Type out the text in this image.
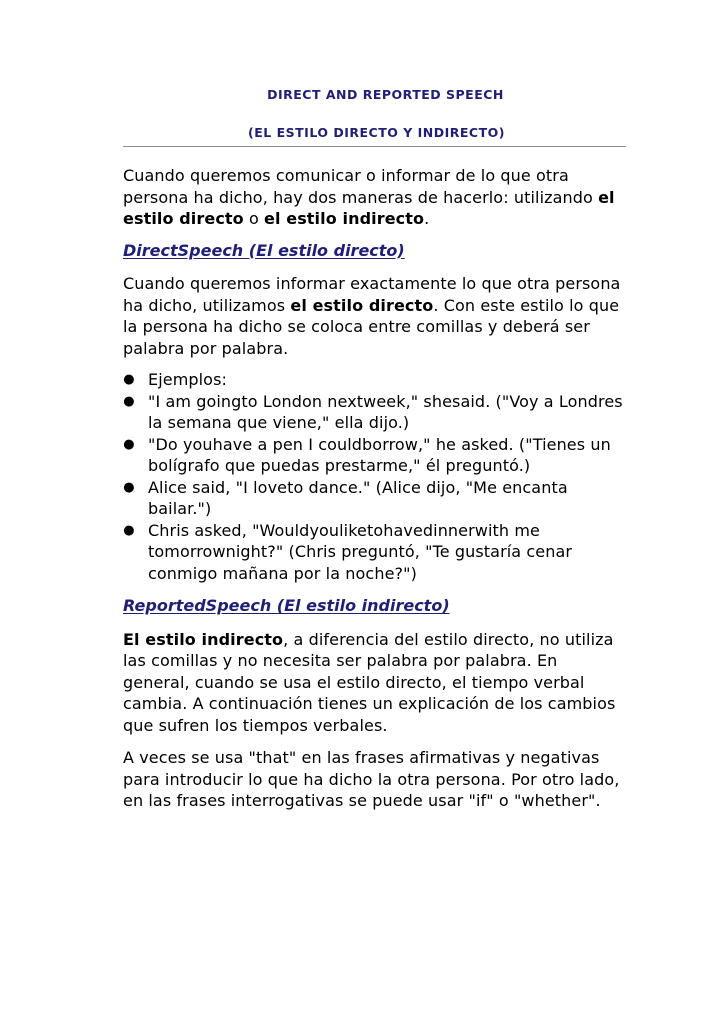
DIRECT AND REPORTED SPEECH
(EL ESTILO DIRECTO Y INDIRECTO)

Cuando queremos comunicar o informar de lo que otra persona ha dicho, hay dos maneras de hacerlo: utilizando el estilo directo o el estilo indirecto.

DirectSpeech (El estilo directo)

Cuando queremos informar exactamente lo que otra persona ha dicho, utilizamos el estilo directo. Con este estilo lo que la persona ha dicho se coloca entre comillas y deberá ser palabra por palabra.

● Ejemplos:
● "I am goingto London nextweek," shesaid. ("Voy a Londres la semana que viene," ella dijo.)
● "Do youhave a pen I couldborrow," he asked. ("Tienes un bolígrafo que puedas prestarme," él preguntó.)
● Alice said, "I loveto dance." (Alice dijo, "Me encanta bailar.")
● Chris asked, "Wouldyouliketohavedinnerwith me tomorrownight?" (Chris preguntó, "Te gustaría cenar conmigo mañana por la noche?")
ReportedSpeech (El estilo indirecto)

El estilo indirecto, a diferencia del estilo directo, no utiliza las comillas y no necesita ser palabra por palabra. En general, cuando se usa el estilo directo, el tiempo verbal cambia. A continuación tienes un explicación de los cambios que sufren los tiempos verbales.

A veces se usa "that" en las frases afirmativas y negativas para introducir lo que ha dicho la otra persona. Por otro lado, en las frases interrogativas se puede usar "if" o "whether".
